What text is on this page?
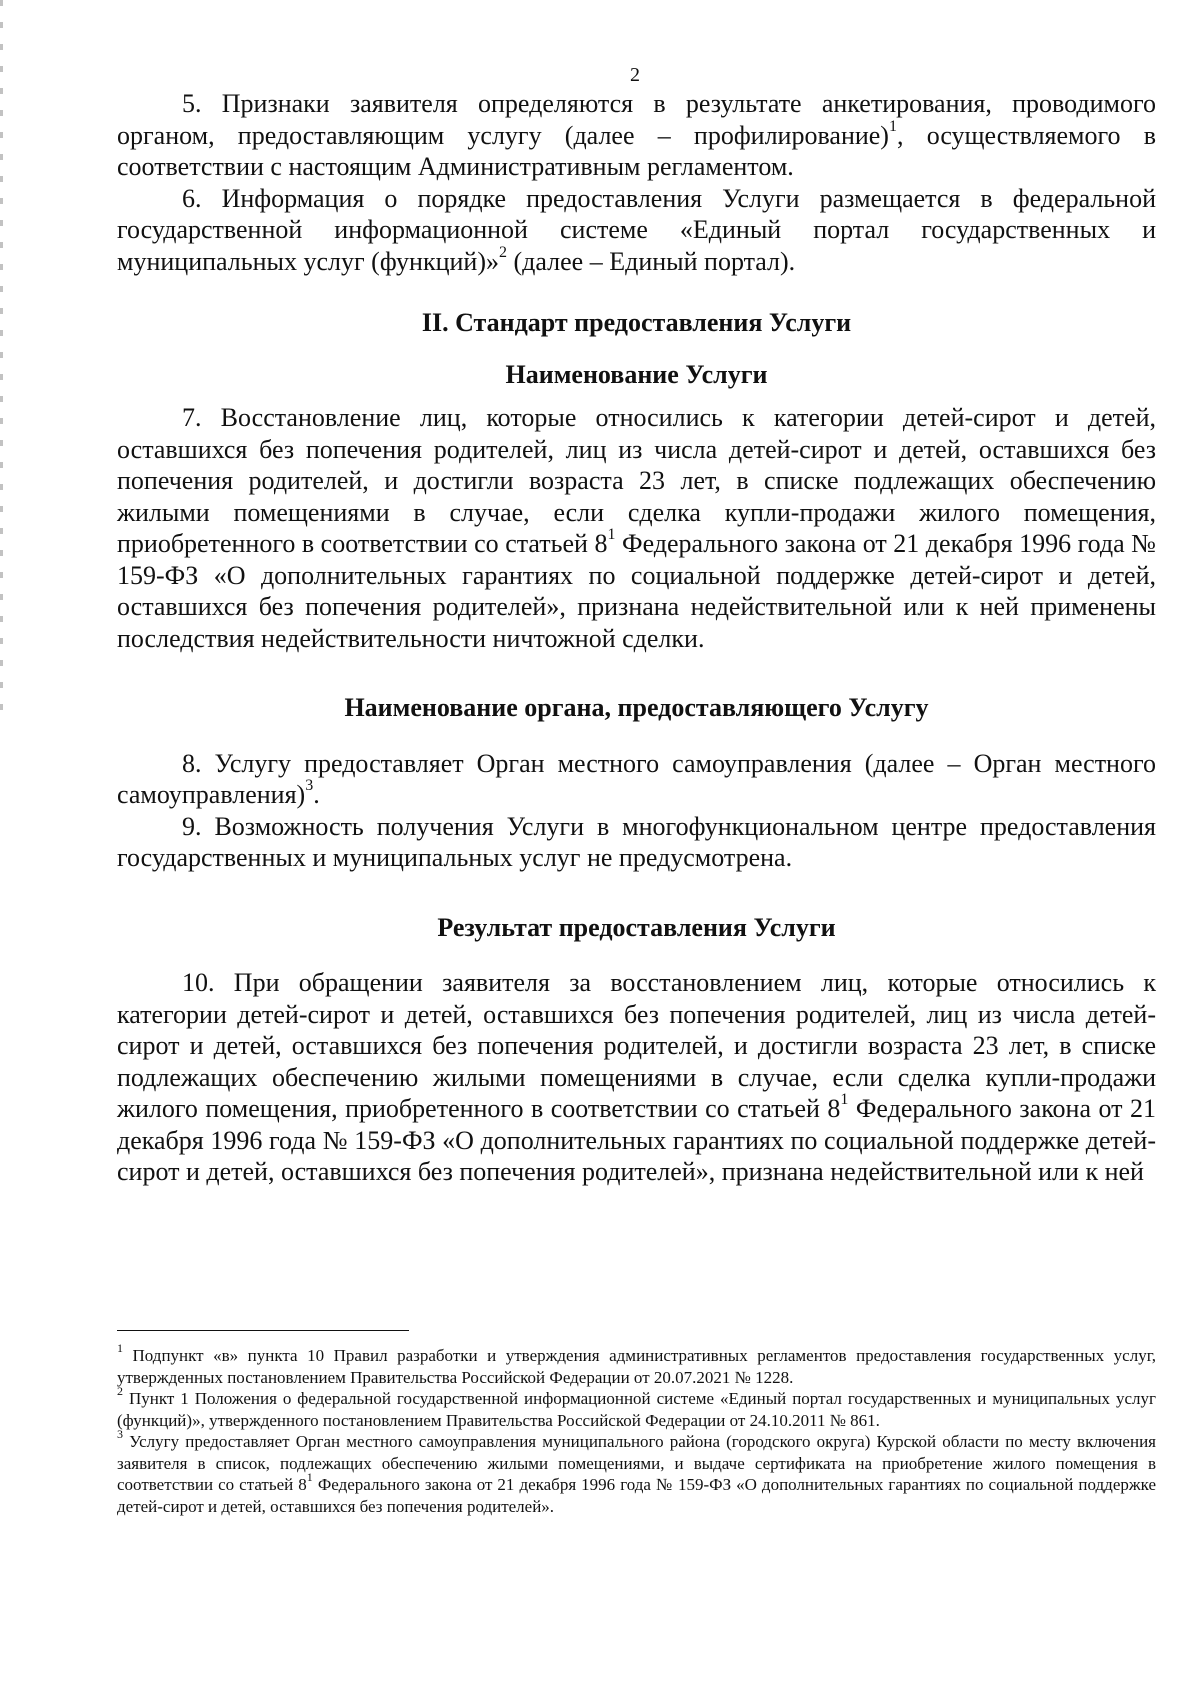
2

5. Признаки заявителя определяются в результате анкетирования, проводимого органом, предоставляющим услугу (далее – профилирование)$^1$, осуществляемого в соответствии с настоящим Административным регламентом.

6. Информация о порядке предоставления Услуги размещается в федеральной государственной информационной системе «Единый портал государственных и муниципальных услуг (функций)»$^2$ (далее – Единый портал).

II. Стандарт предоставления Услуги
Наименование Услуги

7. Восстановление лиц, которые относились к категории детей-сирот и детей, оставшихся без попечения родителей, лиц из числа детей-сирот и детей, оставшихся без попечения родителей, и достигли возраста 23 лет, в списке подлежащих обеспечению жилыми помещениями в случае, если сделка купли-продажи жилого помещения, приобретенного в соответствии со статьей $8^1$ Федерального закона от 21 декабря 1996 года № 159-ФЗ «О дополнительных гарантиях по социальной поддержке детей-сирот и детей, оставшихся без попечения родителей», признана недействительной или к ней применены последствия недействительности ничтожной сделки.

Наименование органа, предоставляющего Услугу

8. Услугу предоставляет Орган местного самоуправления (далее – Орган местного самоуправления)$^3$.

9. Возможность получения Услуги в многофункциональном центре предоставления государственных и муниципальных услуг не предусмотрена.

Результат предоставления Услуги

10. При обращении заявителя за восстановлением лиц, которые относились к категории детей-сирот и детей, оставшихся без попечения родителей, лиц из числа детей-сирот и детей, оставшихся без попечения родителей, и достигли возраста 23 лет, в списке подлежащих обеспечению жилыми помещениями в случае, если сделка купли-продажи жилого помещения, приобретенного в соответствии со статьей $8^1$ Федерального закона от 21 декабря 1996 года № 159-ФЗ «О дополнительных гарантиях по социальной поддержке детей-сирот и детей, оставшихся без попечения родителей», признана недействительной или к ней

$^1$ Подпункт «в» пункта 10 Правил разработки и утверждения административных регламентов предоставления государственных услуг, утвержденных постановлением Правительства Российской Федерации от 20.07.2021 № 1228.

$^2$ Пункт 1 Положения о федеральной государственной информационной системе «Единый портал государственных и муниципальных услуг (функций)», утвержденного постановлением Правительства Российской Федерации от 24.10.2011 № 861.

$^3$ Услугу предоставляет Орган местного самоуправления муниципального района (городского округа) Курской области по месту включения заявителя в список, подлежащих обеспечению жилыми помещениями, и выдаче сертификата на приобретение жилого помещения в соответствии со статьей $8^1$ Федерального закона от 21 декабря 1996 года № 159-ФЗ «О дополнительных гарантиях по социальной поддержке детей-сирот и детей, оставшихся без попечения родителей».
